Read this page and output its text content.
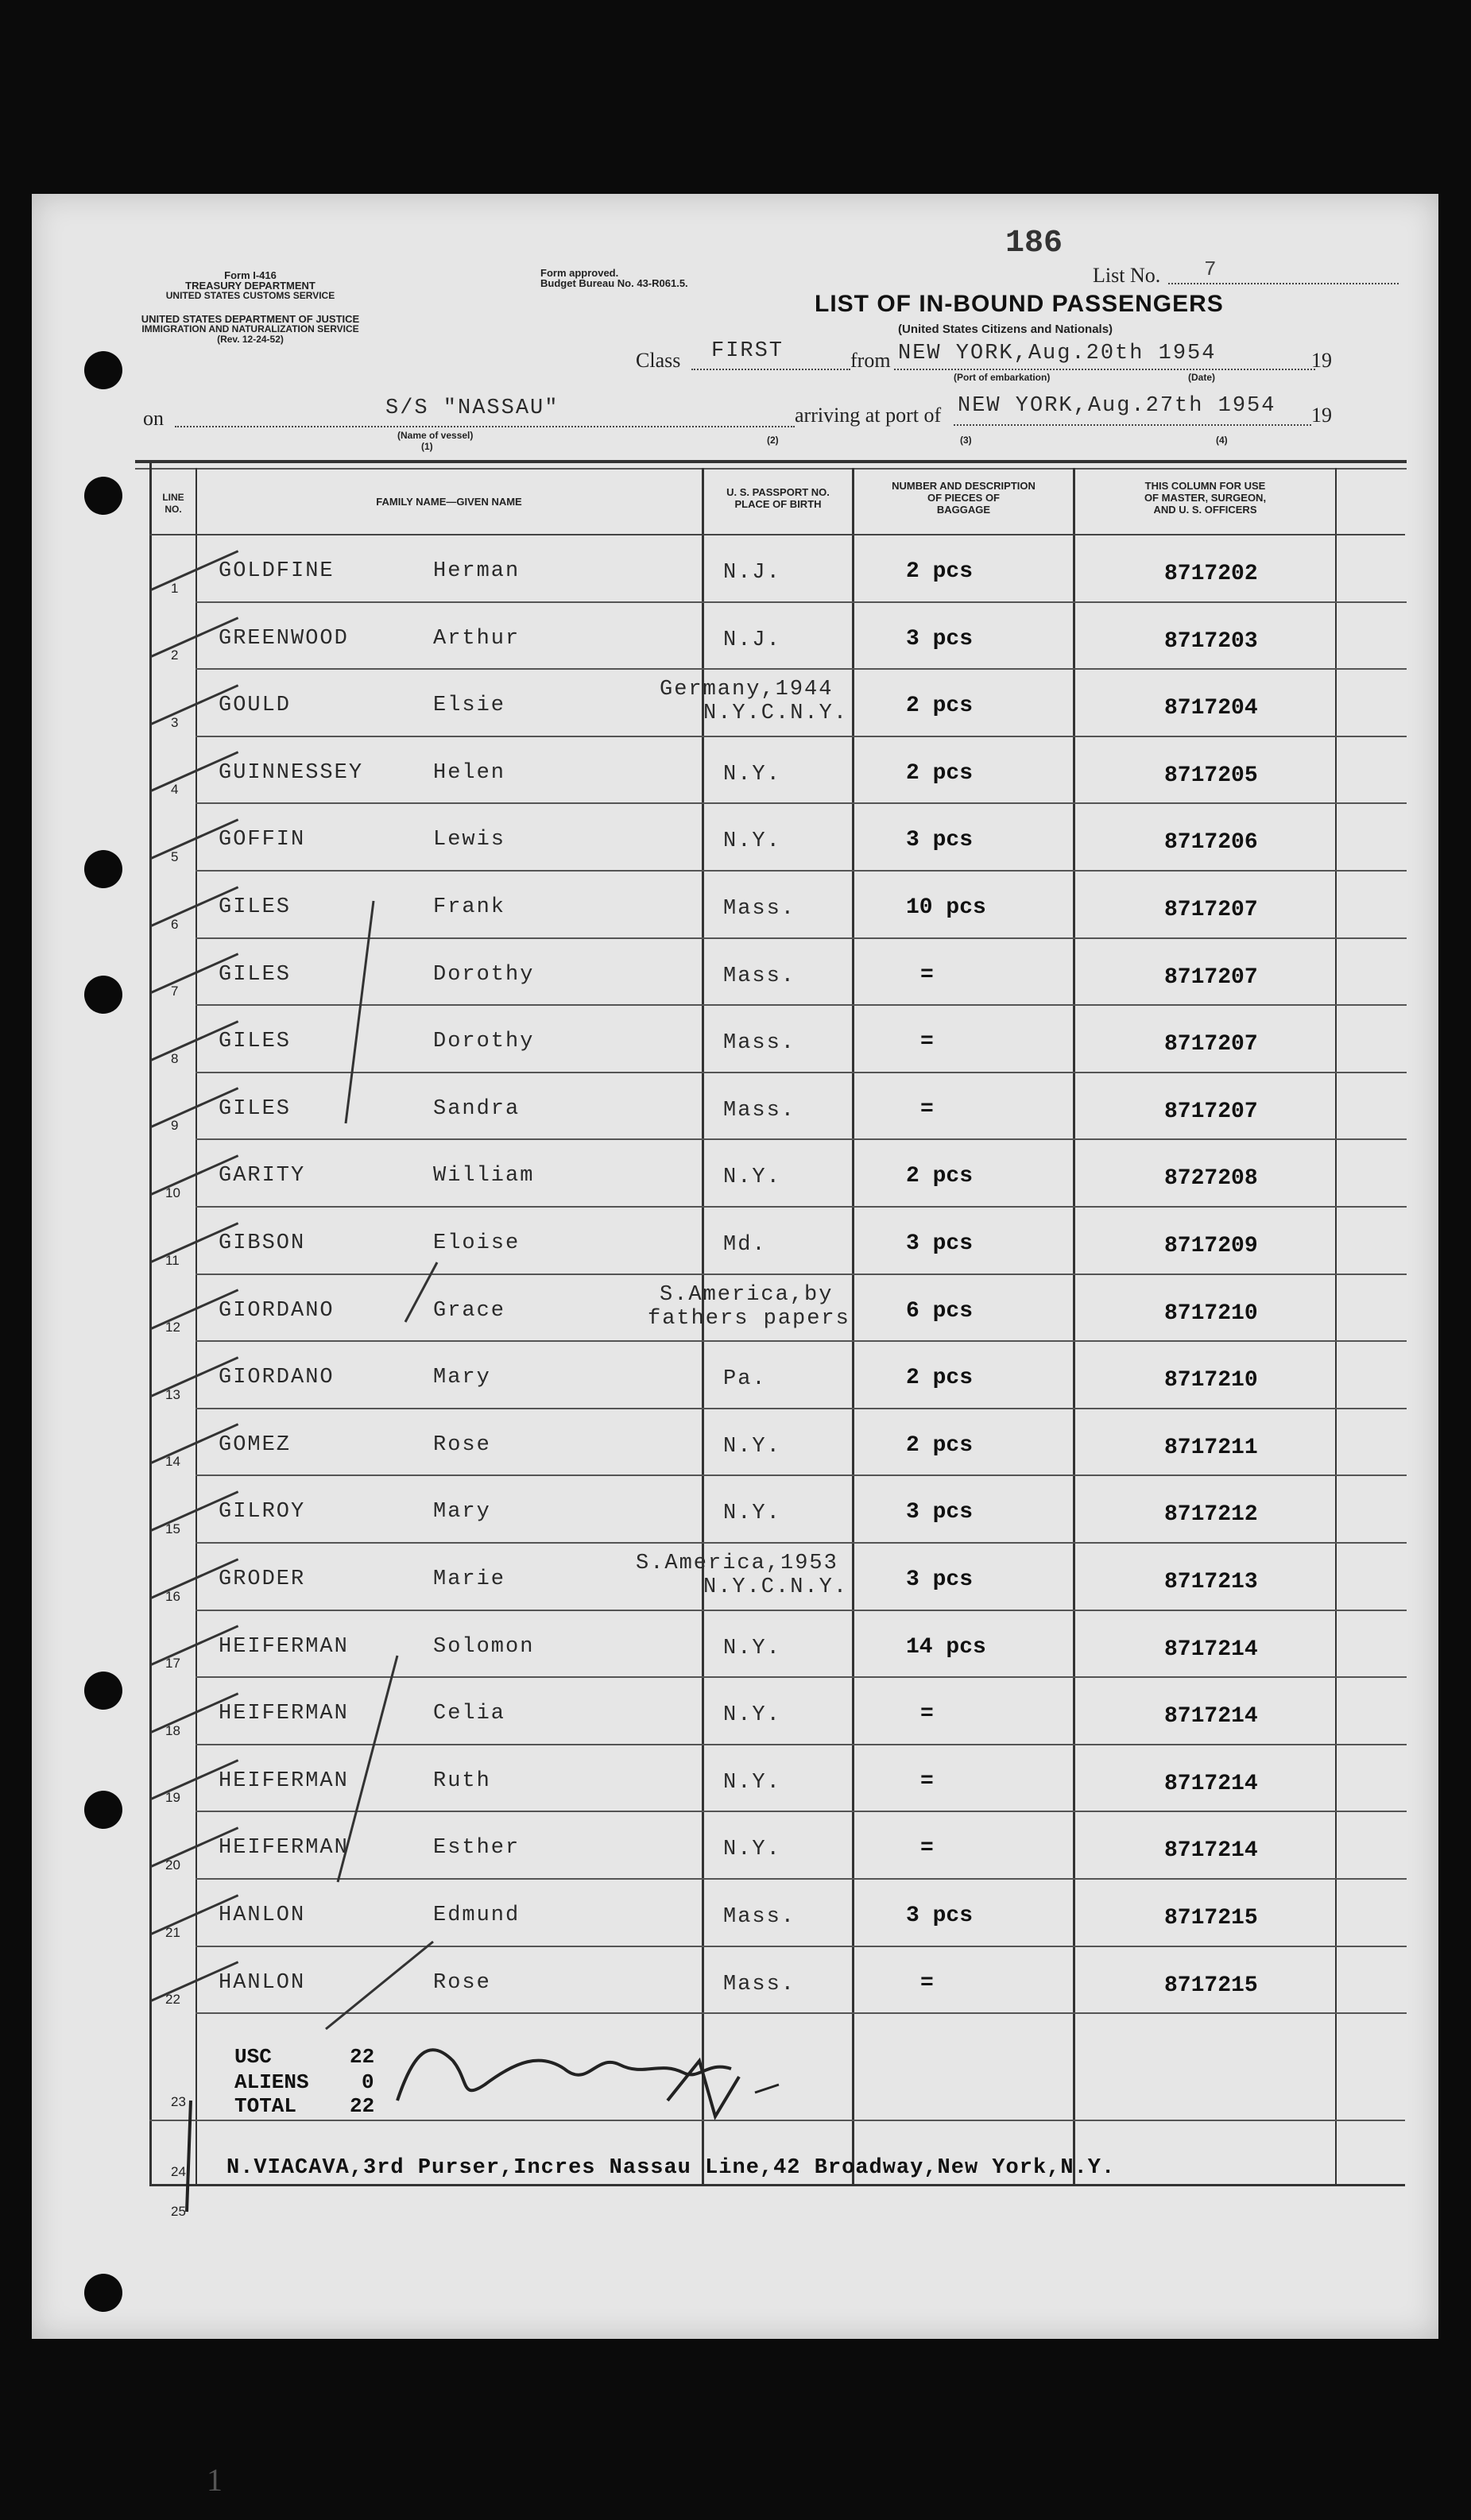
186
Form I-416
TREASURY DEPARTMENT
UNITED STATES CUSTOMS SERVICE
UNITED STATES DEPARTMENT OF JUSTICE
IMMIGRATION AND NATURALIZATION SERVICE
(Rev. 12-24-52)
Form approved.
Budget Bureau No. 43-R061.5.	List No. 7
LIST OF IN-BOUND PASSENGERS
(United States Citizens and Nationals)
Class FIRST	from NEW YORK,Aug.20th 1954	19
(Port of embarkation)	(Date)
on	S/S "NASSAU"
(Name of vessel)
(1)
arriving at port of NEW YORK,Aug.27th 1954 19
(2)	(3)	(4)
LINE
NO.
FAMILY NAME—GIVEN NAME
U. S. PASSPORT NO.
PLACE OF BIRTH
NUMBER AND DESCRIPTION
OF PIECES OF
BAGGAGE
THIS COLUMN FOR USE
OF MASTER, SURGEON,
AND U. S. OFFICERS
1
GOLDFINE	Herman	N.J.	2 pcs	8717202
2
GREENWOOD	Arthur	N.J.	3 pcs	8717203
3
GOULD	Elsie
Germany,1944
N.Y.C.N.Y.	2 pcs	8717204
4
GUINNESSEY	Helen	N.Y.	2 pcs	8717205
5
GOFFIN	Lewis	N.Y.	3 pcs	8717206
6
GILES	Frank	Mass.	10 pcs	8717207
7
GILES	Dorothy	Mass.	=	8717207
8
GILES	Dorothy	Mass.	=	8717207
9
GILES	Sandra	Mass.	=	8717207
10
GARITY	William	N.Y.	2 pcs	8727208
11
GIBSON	Eloise	Md.	3 pcs	8717209
12
GIORDANO	Grace
S.America,by
fathers papers	6 pcs	8717210
13
GIORDANO	Mary	Pa.	2 pcs	8717210
14
GOMEZ	Rose	N.Y.	2 pcs	8717211
15
GILROY	Mary	N.Y.	3 pcs	8717212
16
GRODER	Marie
S.America,1953
N.Y.C.N.Y.	3 pcs	8717213
17
HEIFERMAN	Solomon	N.Y.	14 pcs	8717214
18
HEIFERMAN	Celia	N.Y.	=	8717214
19
HEIFERMAN	Ruth	N.Y.	=	8717214
20
HEIFERMAN	Esther	N.Y.	=	8717214
21
HANLON	Edmund	Mass.	3 pcs	8717215
22
HANLON	Rose	Mass.	=	8717215
23
USC	22
ALIENS	0
TOTAL	22
24 N.VIACAVA,3rd Purser,Incres Nassau Line,42 Broadway,New York,N.Y.
25
1
